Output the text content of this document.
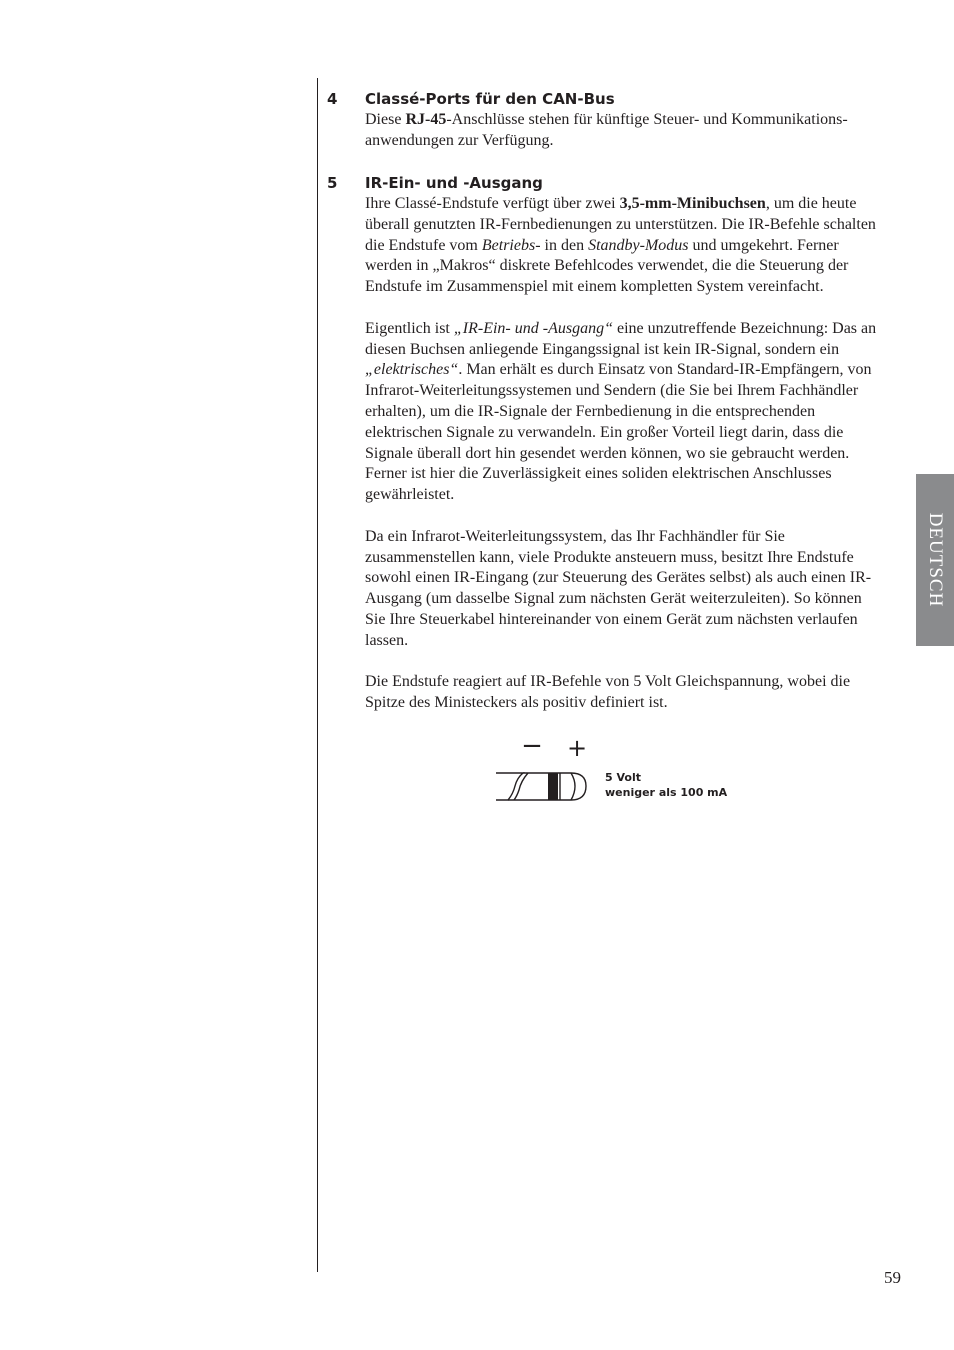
4 Classé-Ports für den CAN-Bus

Diese RJ-45-Anschlüsse stehen für künftige Steuer- und Kommunikations-anwendungen zur Verfügung.

5 IR-Ein- und -Ausgang

Ihre Classé-Endstufe verfügt über zwei 3,5-mm-Minibuchsen, um die heute überall genutzten IR-Fernbedienungen zu unterstützen. Die IR-Befehle schalten die Endstufe vom Betriebs- in den Standby-Modus und umgekehrt. Ferner werden in „Makros“ diskrete Befehlcodes verwendet, die die Steuerung der Endstufe im Zusammenspiel mit einem kompletten System vereinfacht.

Eigentlich ist „IR-Ein- und -Ausgang“ eine unzutreffende Bezeichnung: Das an diesen Buchsen anliegende Eingangssignal ist kein IR-Signal, sondern ein „elektrisches“. Man erhält es durch Einsatz von Standard-IR-Empfängern, von Infrarot-Weiterleitungssystemen und Sendern (die Sie bei Ihrem Fachhändler erhalten), um die IR-Signale der Fernbedienung in die entsprechenden elektrischen Signale zu verwandeln. Ein großer Vorteil liegt darin, dass die Signale überall dort hin gesendet werden können, wo sie gebraucht werden. Ferner ist hier die Zuverlässigkeit eines soliden elektrischen Anschlusses gewährleistet.

Da ein Infrarot-Weiterleitungssystem, das Ihr Fachhändler für Sie zusammenstellen kann, viele Produkte ansteuern muss, besitzt Ihre Endstufe sowohl einen IR-Eingang (zur Steuerung des Gerätes selbst) als auch einen IR-Ausgang (um dasselbe Signal zum nächsten Gerät weiterzuleiten). So können Sie Ihre Steuerkabel hintereinander von einem Gerät zum nächsten verlaufen lassen.

Die Endstufe reagiert auf IR-Befehle von 5 Volt Gleichspannung, wobei die Spitze des Ministeckers als positiv definiert ist.

− +
5 Volt
weniger als 100 mA
DEUTSCH
59
